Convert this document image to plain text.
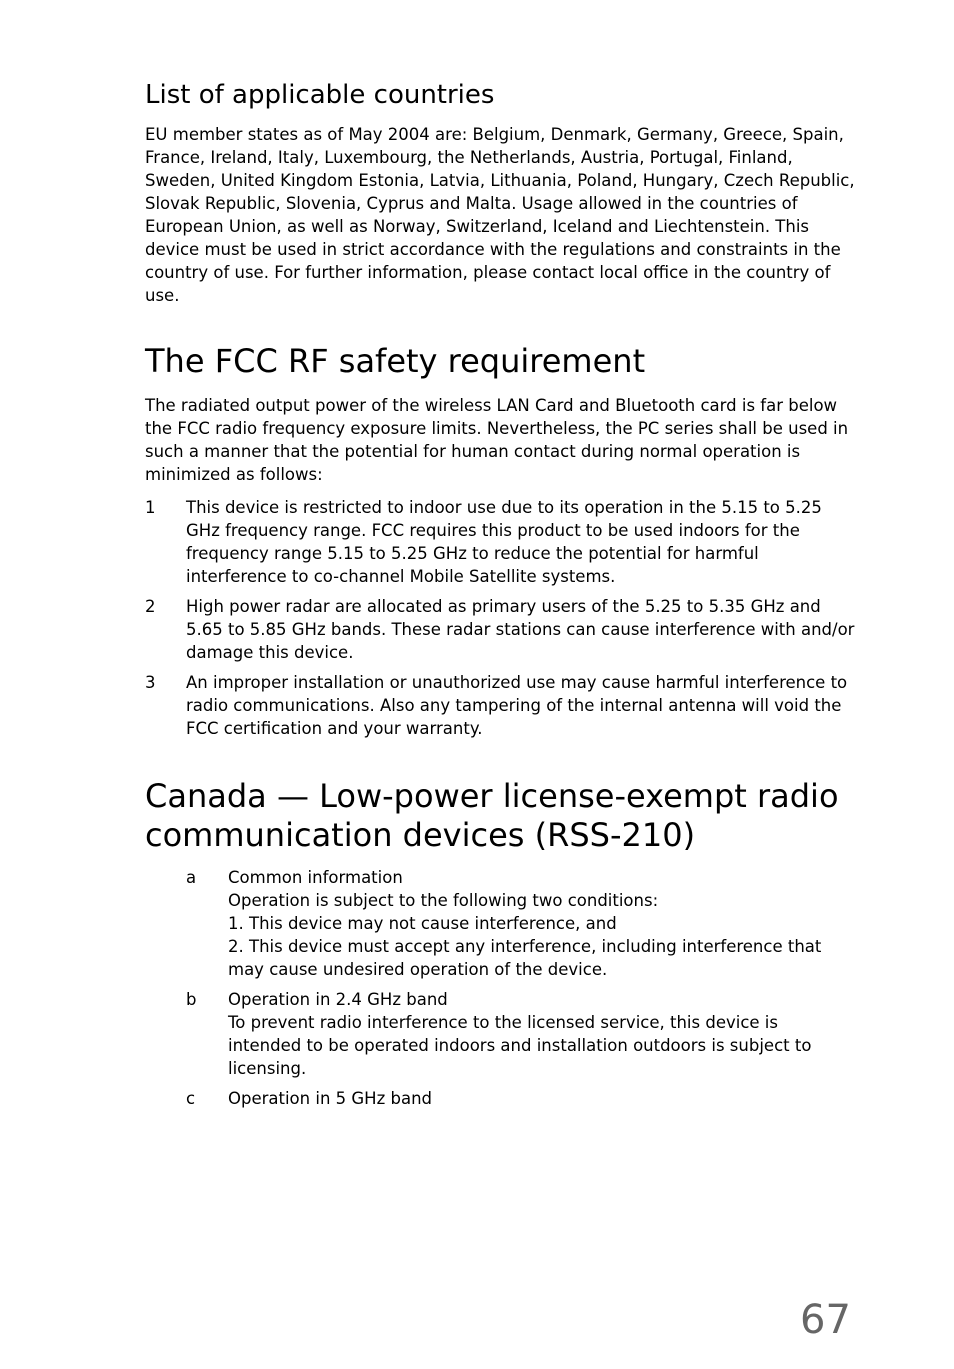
List of applicable countries

EU member states as of May 2004 are: Belgium, Denmark, Germany, Greece, Spain, France, Ireland, Italy, Luxembourg, the Netherlands, Austria, Portugal, Finland, Sweden, United Kingdom Estonia, Latvia, Lithuania, Poland, Hungary, Czech Republic, Slovak Republic, Slovenia, Cyprus and Malta. Usage allowed in the countries of European Union, as well as Norway, Switzerland, Iceland and Liechtenstein. This device must be used in strict accordance with the regulations and constraints in the country of use. For further information, please contact local office in the country of use.

The FCC RF safety requirement

The radiated output power of the wireless LAN Card and Bluetooth card is far below the FCC radio frequency exposure limits. Nevertheless, the PC series shall be used in such a manner that the potential for human contact during normal operation is minimized as follows:

1 This device is restricted to indoor use due to its operation in the 5.15 to 5.25 GHz frequency range. FCC requires this product to be used indoors for the frequency range 5.15 to 5.25 GHz to reduce the potential for harmful interference to co-channel Mobile Satellite systems.
2 High power radar are allocated as primary users of the 5.25 to 5.35 GHz and 5.65 to 5.85 GHz bands. These radar stations can cause interference with and/or damage this device.
3 An improper installation or unauthorized use may cause harmful interference to radio communications. Also any tampering of the internal antenna will void the FCC certification and your warranty.
Canada — Low-power license-exempt radio communication devices (RSS-210)
a Common information
Operation is subject to the following two conditions:
1. This device may not cause interference, and
2. This device must accept any interference, including interference that may cause undesired operation of the device.
b Operation in 2.4 GHz band
To prevent radio interference to the licensed service, this device is intended to be operated indoors and installation outdoors is subject to licensing.
c Operation in 5 GHz band
67
